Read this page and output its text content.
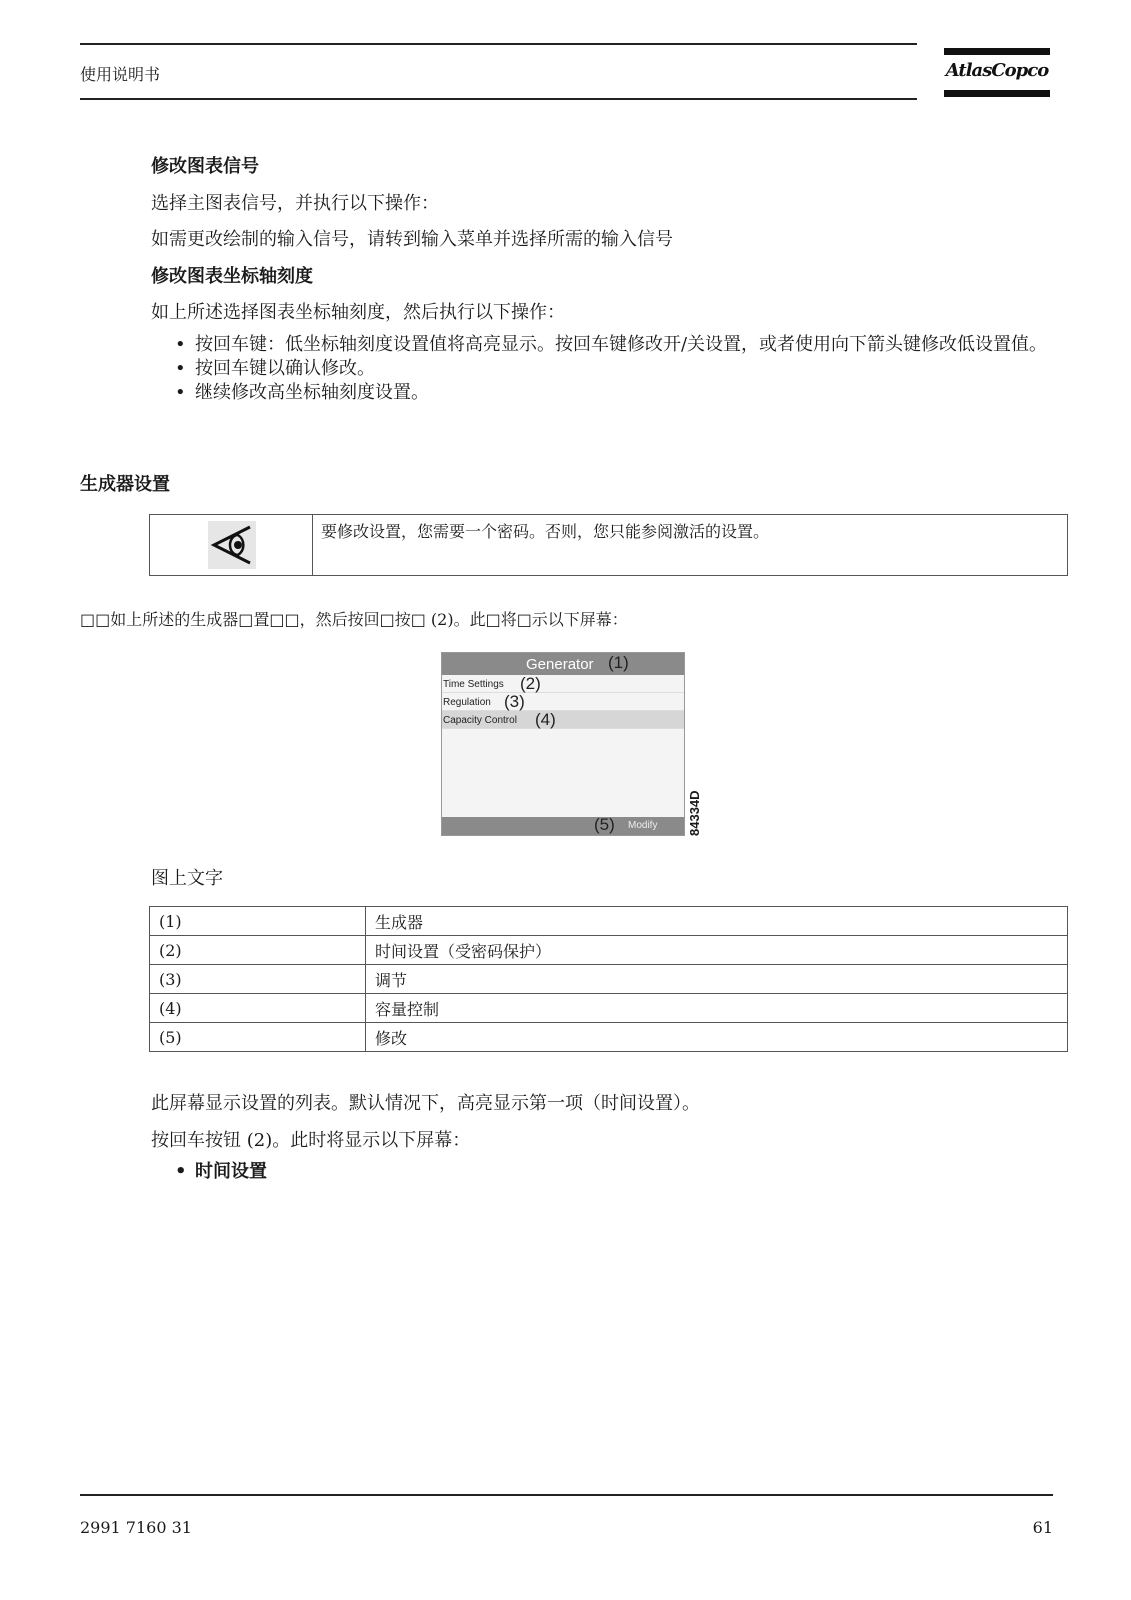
使用说明书	AtlasCopco
修改图表信号
选择主图表信号，并执行以下操作：
如需更改绘制的输入信号，请转到输入菜单并选择所需的输入信号
修改图表坐标轴刻度
如上所述选择图表坐标轴刻度，然后执行以下操作：
• 按回车键：低坐标轴刻度设置值将高亮显示。按回车键修改开/关设置，或者使用向下箭头键修改低设置值。
• 按回车键以确认修改。
• 继续修改高坐标轴刻度设置。
生成器设置
要修改设置，您需要一个密码。否则，您只能参阅激活的设置。
□□如上所述的生成器□置□□，然后按回□按□ (2)。此□将□示以下屏幕：
Generator (1)
Time Settings (2)
Regulation (3)
Capacity Control (4)
(5) Modify 84334D
图上文字
(1)	生成器
(2)	时间设置（受密码保护）
(3)	调节
(4)	容量控制
(5)	修改
此屏幕显示设置的列表。默认情况下，高亮显示第一项（时间设置）。
按回车按钮 (2)。此时将显示以下屏幕：
• 时间设置
2991 7160 31	61
